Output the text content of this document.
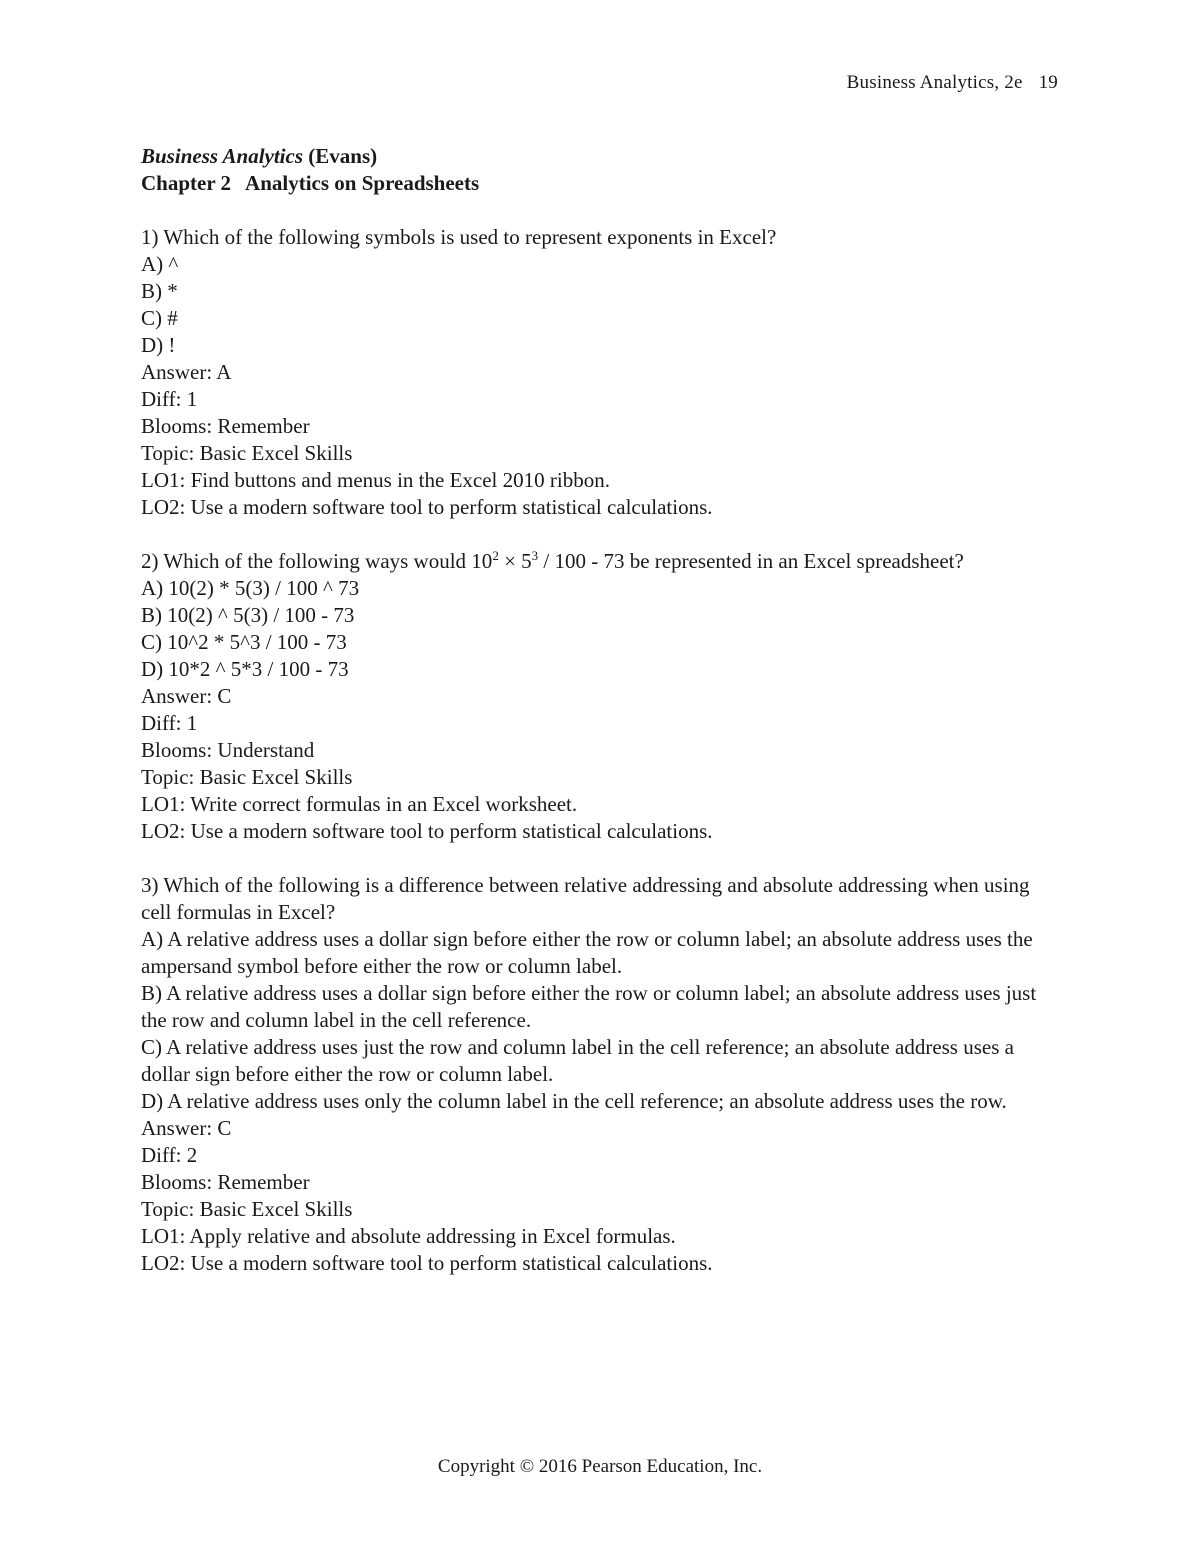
Business Analytics, 2e 19
Business Analytics (Evans)
Chapter 2 Analytics on Spreadsheets
1) Which of the following symbols is used to represent exponents in Excel?
A) ^
B) *
C) #
D) !
Answer: A
Diff: 1
Blooms: Remember
Topic: Basic Excel Skills
LO1: Find buttons and menus in the Excel 2010 ribbon.
LO2: Use a modern software tool to perform statistical calculations.
2) Which of the following ways would $10^2 \times 5^3 / 100 - 73$ be represented in an Excel spreadsheet?
A) 10(2) * 5(3) / 100 ^ 73
B) 10(2) ^ 5(3) / 100 - 73
C) 10^2 * 5^3 / 100 - 73
D) 10*2 ^ 5*3 / 100 - 73
Answer: C
Diff: 1
Blooms: Understand
Topic: Basic Excel Skills
LO1: Write correct formulas in an Excel worksheet.
LO2: Use a modern software tool to perform statistical calculations.
3) Which of the following is a difference between relative addressing and absolute addressing when using cell formulas in Excel?
A) A relative address uses a dollar sign before either the row or column label; an absolute address uses the ampersand symbol before either the row or column label.
B) A relative address uses a dollar sign before either the row or column label; an absolute address uses just the row and column label in the cell reference.
C) A relative address uses just the row and column label in the cell reference; an absolute address uses a dollar sign before either the row or column label.
D) A relative address uses only the column label in the cell reference; an absolute address uses the row.
Answer: C
Diff: 2
Blooms: Remember
Topic: Basic Excel Skills
LO1: Apply relative and absolute addressing in Excel formulas.
LO2: Use a modern software tool to perform statistical calculations.
Copyright © 2016 Pearson Education, Inc.
